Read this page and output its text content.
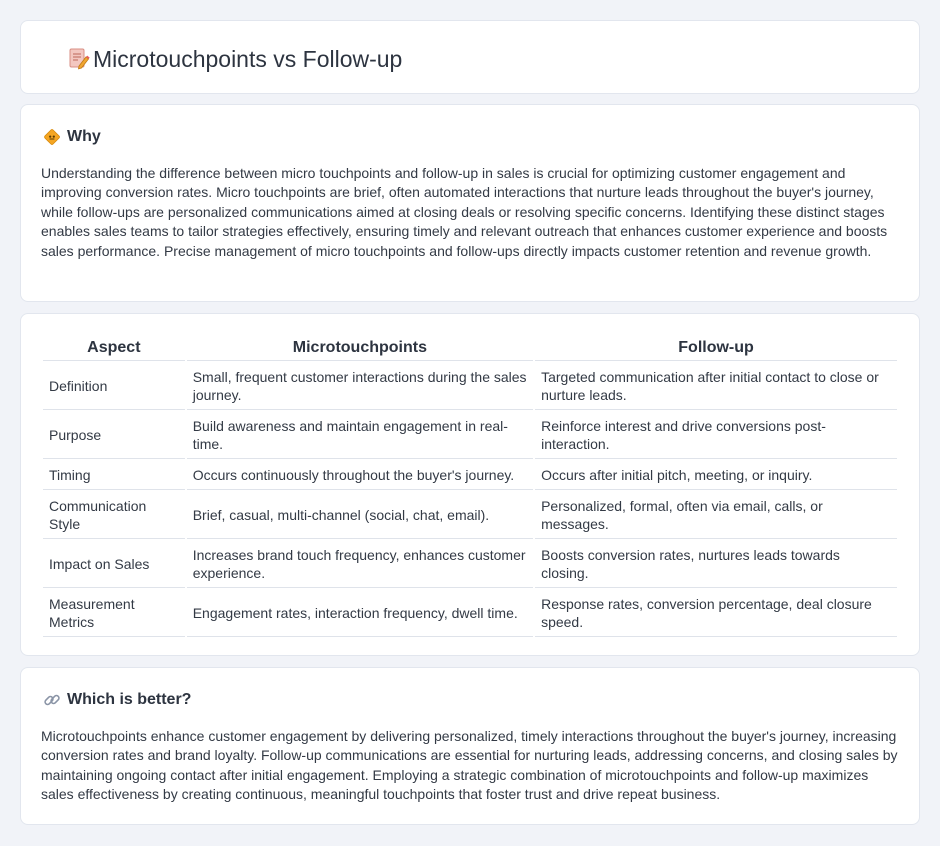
Microtouchpoints vs Follow-up
Why

Understanding the difference between micro touchpoints and follow-up in sales is crucial for optimizing customer engagement and improving conversion rates. Micro touchpoints are brief, often automated interactions that nurture leads throughout the buyer's journey, while follow-ups are personalized communications aimed at closing deals or resolving specific concerns. Identifying these distinct stages enables sales teams to tailor strategies effectively, ensuring timely and relevant outreach that enhances customer experience and boosts sales performance. Precise management of micro touchpoints and follow-ups directly impacts customer retention and revenue growth.

Aspect	Microtouchpoints	Follow-up
Definition	Small, frequent customer interactions during the sales journey.	Targeted communication after initial contact to close or nurture leads.
Purpose	Build awareness and maintain engagement in real-time.	Reinforce interest and drive conversions post-interaction.
Timing	Occurs continuously throughout the buyer's journey.	Occurs after initial pitch, meeting, or inquiry.
Communication Style	Brief, casual, multi-channel (social, chat, email).	Personalized, formal, often via email, calls, or messages.
Impact on Sales	Increases brand touch frequency, enhances customer experience.	Boosts conversion rates, nurtures leads towards closing.
Measurement Metrics	Engagement rates, interaction frequency, dwell time.	Response rates, conversion percentage, deal closure speed.
Which is better?

Microtouchpoints enhance customer engagement by delivering personalized, timely interactions throughout the buyer's journey, increasing conversion rates and brand loyalty. Follow-up communications are essential for nurturing leads, addressing concerns, and closing sales by maintaining ongoing contact after initial engagement. Employing a strategic combination of microtouchpoints and follow-up maximizes sales effectiveness by creating continuous, meaningful touchpoints that foster trust and drive repeat business.
